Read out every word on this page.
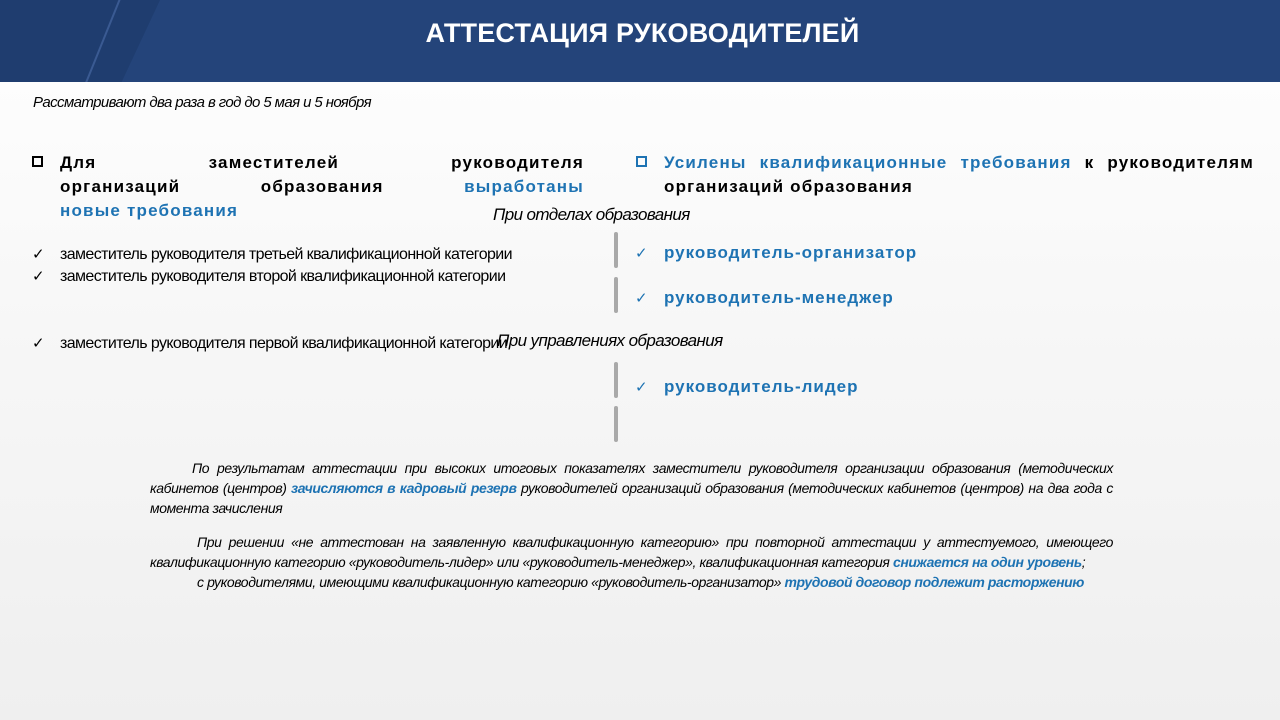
АТТЕСТАЦИЯ РУКОВОДИТЕЛЕЙ
Рассматривают два раза в год до 5 мая и 5 ноября
Для заместителей руководителя организаций образования	выработаны новые требования
Усилены квалификационные требования к руководителям организаций образования
При отделах образования
✓ заместитель руководителя третьей квалификационной категории
✓ заместитель руководителя второй квалификационной категории
✓ заместитель руководителя первой квалификационной категории
При управлениях образования
✓ руководитель-организатор
✓ руководитель-менеджер
✓ руководитель-лидер
По результатам аттестации при высоких итоговых показателях заместители руководителя организации образования (методических кабинетов (центров) зачисляются в кадровый резерв руководителей организаций образования (методических кабинетов (центров) на два года с момента зачисления
При решении «не аттестован на заявленную квалификационную категорию» при повторной аттестации у аттестуемого, имеющего квалификационную категорию «руководитель-лидер» или «руководитель-менеджер», квалификационная категория снижается на один уровень;
с руководителями, имеющими квалификационную категорию «руководитель-организатор» трудовой договор подлежит расторжению
